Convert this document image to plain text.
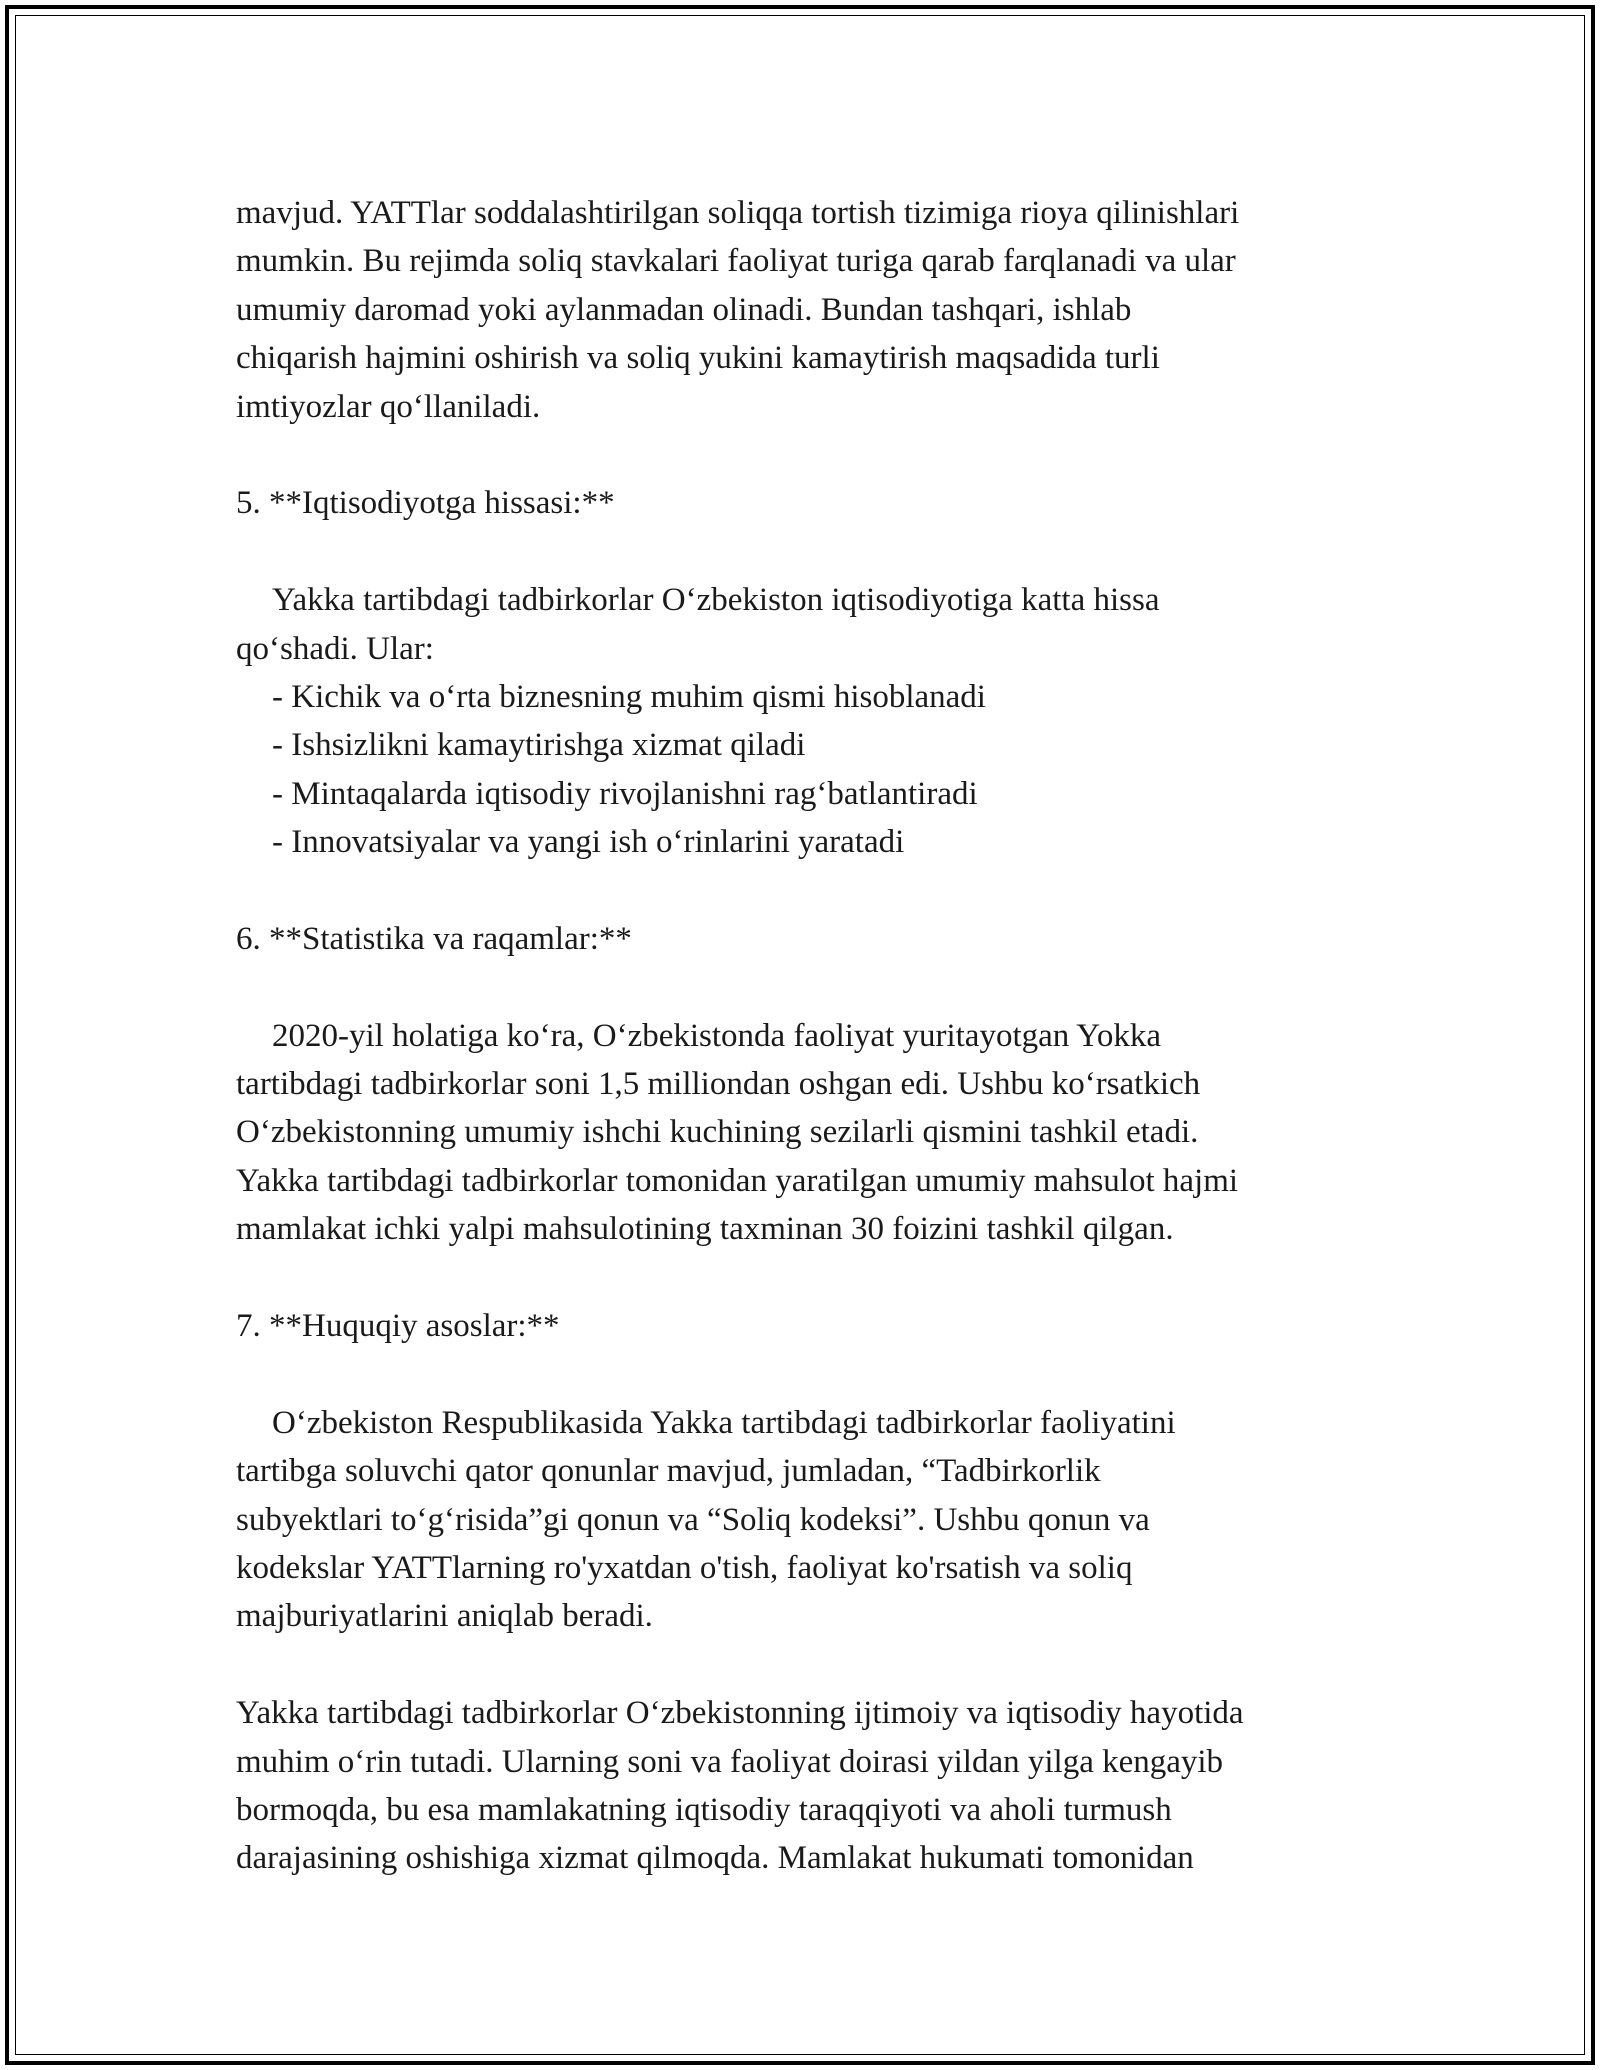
mavjud. YATTlar soddalashtirilgan soliqqa tortish tizimiga rioya qilinishlari
mumkin. Bu rejimda soliq stavkalari faoliyat turiga qarab farqlanadi va ular
umumiy daromad yoki aylanmadan olinadi. Bundan tashqari, ishlab
chiqarish hajmini oshirish va soliq yukini kamaytirish maqsadida turli
imtiyozlar qoʻllaniladi.
5. **Iqtisodiyotga hissasi:**
Yakka tartibdagi tadbirkorlar Oʻzbekiston iqtisodiyotiga katta hissa
qoʻshadi. Ular:
- Kichik va oʻrta biznesning muhim qismi hisoblanadi
- Ishsizlikni kamaytirishga xizmat qiladi
- Mintaqalarda iqtisodiy rivojlanishni ragʻbatlantiradi
- Innovatsiyalar va yangi ish oʻrinlarini yaratadi
6. **Statistika va raqamlar:**
2020-yil holatiga koʻra, Oʻzbekistonda faoliyat yuritayotgan Yokka
tartibdagi tadbirkorlar soni 1,5 milliondan oshgan edi. Ushbu koʻrsatkich
Oʻzbekistonning umumiy ishchi kuchining sezilarli qismini tashkil etadi.
Yakka tartibdagi tadbirkorlar tomonidan yaratilgan umumiy mahsulot hajmi
mamlakat ichki yalpi mahsulotining taxminan 30 foizini tashkil qilgan.
7. **Huquqiy asoslar:**
Oʻzbekiston Respublikasida Yakka tartibdagi tadbirkorlar faoliyatini
tartibga soluvchi qator qonunlar mavjud, jumladan, “Tadbirkorlik
subyektlari toʻgʻrisida”gi qonun va “Soliq kodeksi”. Ushbu qonun va
kodekslar YATTlarning ro'yxatdan o'tish, faoliyat ko'rsatish va soliq
majburiyatlarini aniqlab beradi.
Yakka tartibdagi tadbirkorlar Oʻzbekistonning ijtimoiy va iqtisodiy hayotida
muhim oʻrin tutadi. Ularning soni va faoliyat doirasi yildan yilga kengayib
bormoqda, bu esa mamlakatning iqtisodiy taraqqiyoti va aholi turmush
darajasining oshishiga xizmat qilmoqda. Mamlakat hukumati tomonidan
